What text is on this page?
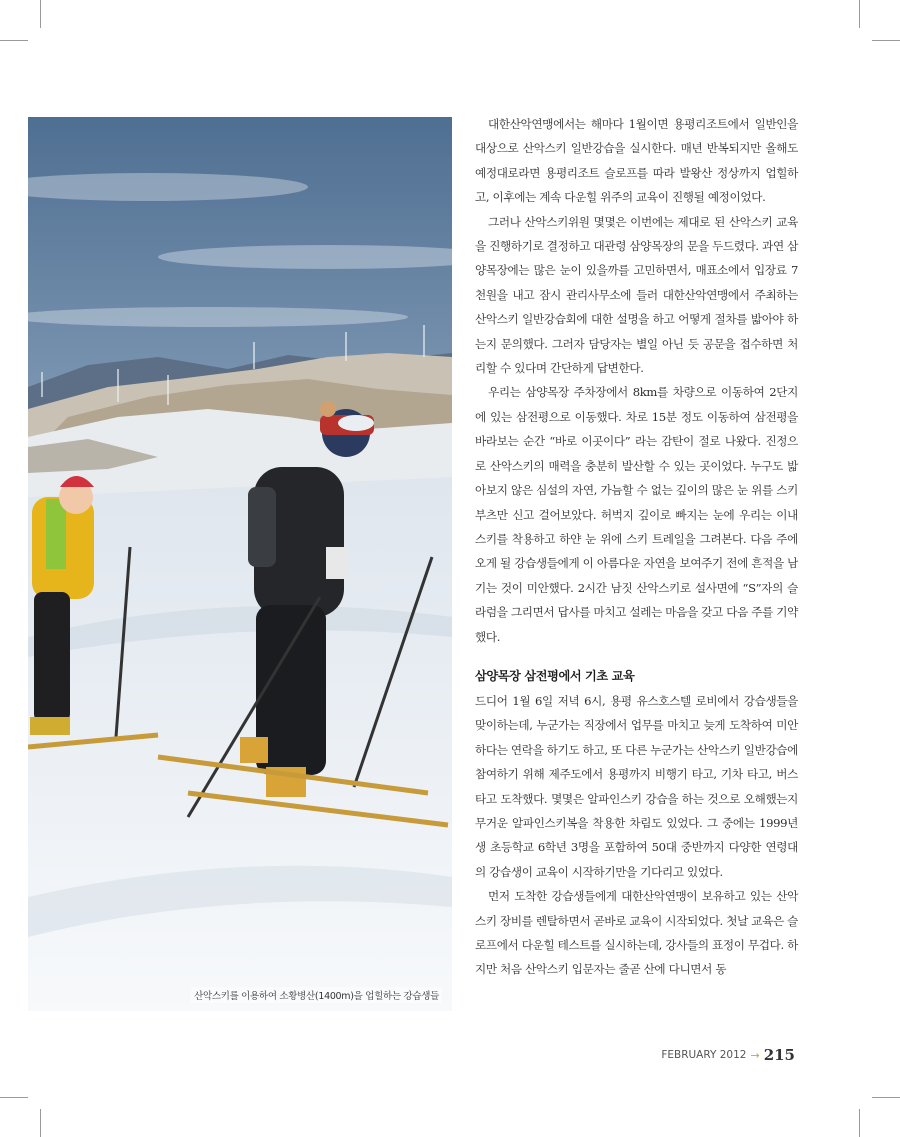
산악스키를 이용하여 소황병산(1400m)을 업힐하는 강습생들

대한산악연맹에서는 해마다 1월이면 용평리조트에서 일반인을 대상으로 산악스키 일반강습을 실시한다. 매년 반복되지만 올해도 예정대로라면 용평리조트 슬로프를 따라 발왕산 정상까지 업힐하고, 이후에는 계속 다운힐 위주의 교육이 진행될 예정이었다.

그러나 산악스키위원 몇몇은 이번에는 제대로 된 산악스키 교육을 진행하기로 결정하고 대관령 삼양목장의 문을 두드렸다. 과연 삼양목장에는 많은 눈이 있을까를 고민하면서, 매표소에서 입장료 7천원을 내고 잠시 관리사무소에 들러 대한산악연맹에서 주최하는 산악스키 일반강습회에 대한 설명을 하고 어떻게 절차를 밟아야 하는지 문의했다. 그러자 담당자는 별일 아닌 듯 공문을 접수하면 처리할 수 있다며 간단하게 답변한다.

우리는 삼양목장 주차장에서 8km를 차량으로 이동하여 2단지에 있는 삼전평으로 이동했다. 차로 15분 정도 이동하여 삼전평을 바라보는 순간 “바로 이곳이다” 라는 감탄이 절로 나왔다. 진정으로 산악스키의 매력을 충분히 발산할 수 있는 곳이었다. 누구도 밟아보지 않은 심설의 자연, 가늠할 수 없는 깊이의 많은 눈 위를 스키부츠만 신고 걸어보았다. 허벅지 깊이로 빠지는 눈에 우리는 이내 스키를 착용하고 하얀 눈 위에 스키 트레일을 그려본다. 다음 주에 오게 될 강습생들에게 이 아름다운 자연을 보여주기 전에 흔적을 남기는 것이 미안했다. 2시간 남짓 산악스키로 설사면에 “S”자의 슬라럼을 그리면서 답사를 마치고 설레는 마음을 갖고 다음 주를 기약했다.

삼양목장 삼전평에서 기초 교육

드디어 1월 6일 저녁 6시, 용평 유스호스텔 로비에서 강습생들을 맞이하는데, 누군가는 직장에서 업무를 마치고 늦게 도착하여 미안하다는 연락을 하기도 하고, 또 다른 누군가는 산악스키 일반강습에 참여하기 위해 제주도에서 용평까지 비행기 타고, 기차 타고, 버스 타고 도착했다. 몇몇은 알파인스키 강습을 하는 것으로 오해했는지 무거운 알파인스키복을 착용한 차림도 있었다. 그 중에는 1999년생 초등학교 6학년 3명을 포함하여 50대 중반까지 다양한 연령대의 강습생이 교육이 시작하기만을 기다리고 있었다.

먼저 도착한 강습생들에게 대한산악연맹이 보유하고 있는 산악스키 장비를 렌탈하면서 곧바로 교육이 시작되었다. 첫날 교육은 슬로프에서 다운힐 테스트를 실시하는데, 강사들의 표정이 무겁다. 하지만 처음 산악스키 입문자는 줄곧 산에 다니면서 동

FEBRUARY 2012 → 215
